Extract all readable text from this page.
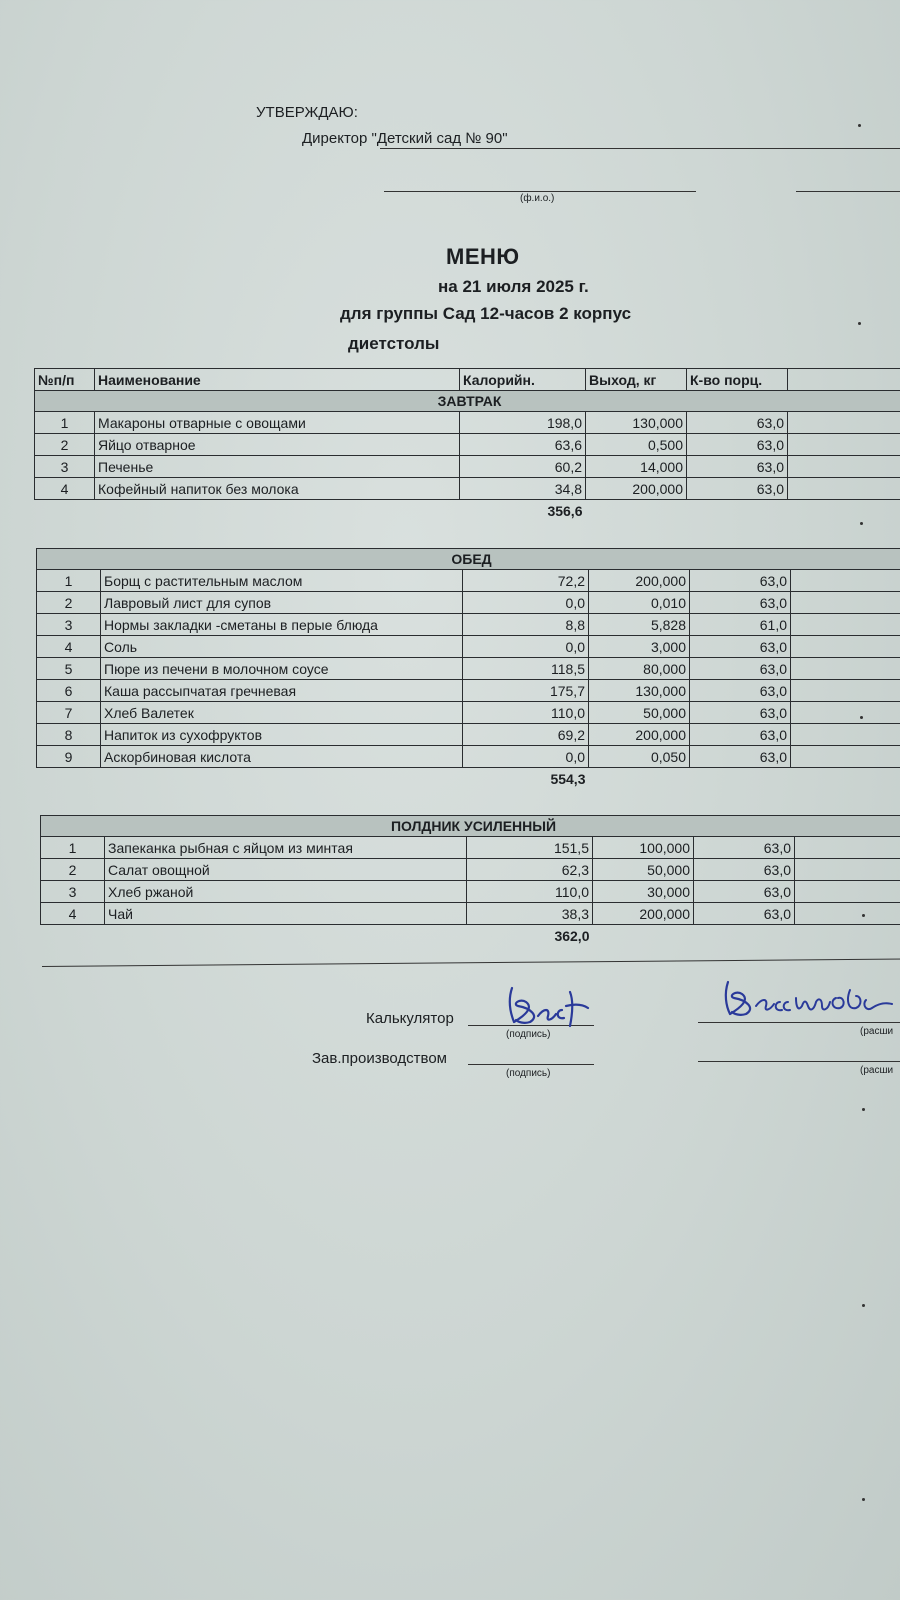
УТВЕРЖДАЮ:
Директор "Детский сад № 90"
(ф.и.о.)
МЕНЮ
на 21 июля 2025 г.
для группы Сад 12-часов 2 корпус
диетстолы
№п/п	Наименование	Калорийн.	Выход, кг	К-во порц.	
ЗАВТРАК					
1	Макароны отварные с овощами	198,0	130,000	63,0	
2	Яйцо отварное	63,6	0,500	63,0	
3	Печенье	60,2	14,000	63,0	
4	Кофейный напиток без молока	34,8	200,000	63,0	
		356,6			
ОБЕД					
1	Борщ с растительным маслом	72,2	200,000	63,0	
2	Лавровый лист для супов	0,0	0,010	63,0	
3	Нормы закладки -сметаны в перые блюда	8,8	5,828	61,0	
4	Соль	0,0	3,000	63,0	
5	Пюре из печени в молочном соусе	118,5	80,000	63,0	
6	Каша рассыпчатая гречневая	175,7	130,000	63,0	
7	Хлеб Валетек	110,0	50,000	63,0	
8	Напиток из сухофруктов	69,2	200,000	63,0	
9	Аскорбиновая кислота	0,0	0,050	63,0	
		554,3			
ПОЛДНИК УСИЛЕННЫЙ					
1	Запеканка рыбная с яйцом из минтая	151,5	100,000	63,0	
2	Салат овощной	62,3	50,000	63,0	
3	Хлеб ржаной	110,0	30,000	63,0	
4	Чай	38,3	200,000	63,0	
		362,0			
Калькулятор
Зав.производством
(подпись)	(расши
(подпись)	(расши
